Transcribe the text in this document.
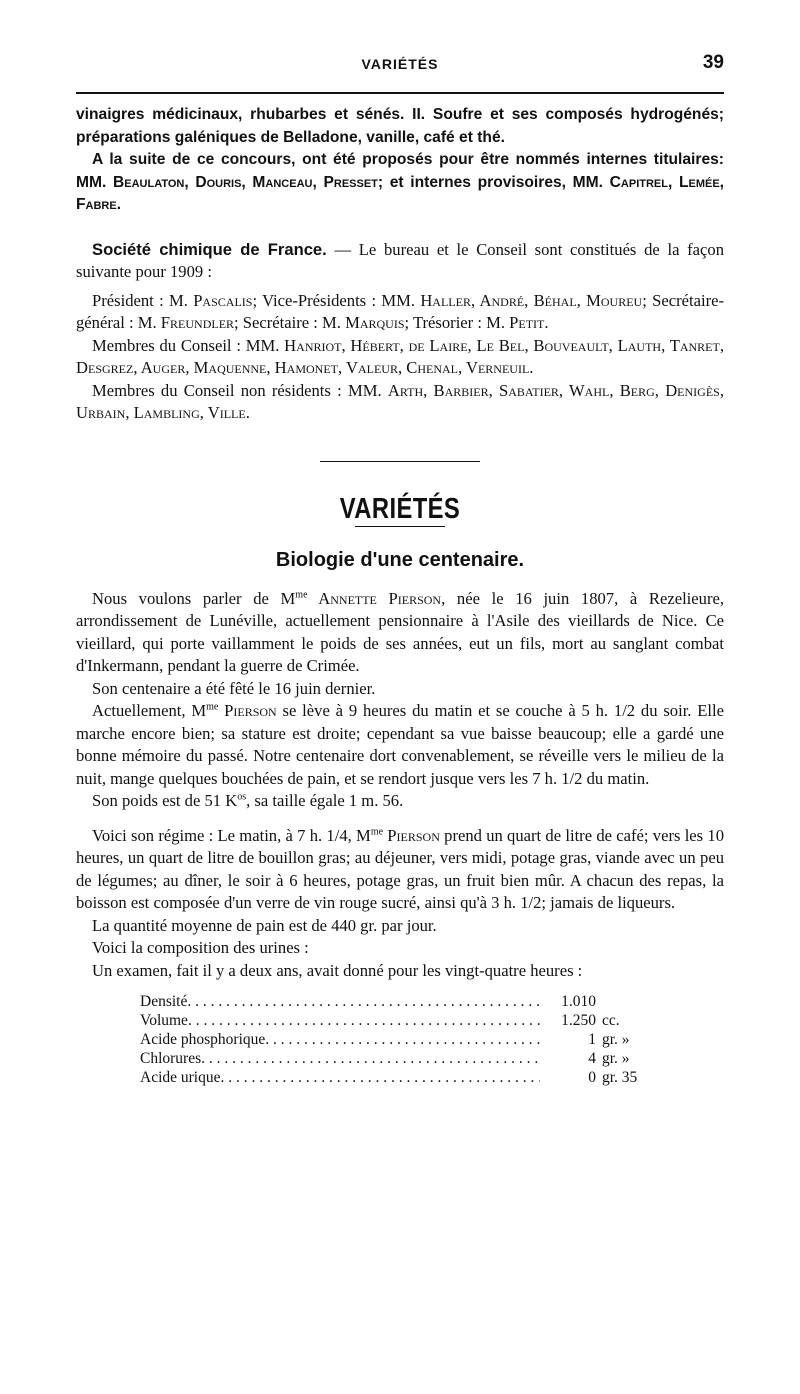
VARIÉTÉS	39

vinaigres médicinaux, rhubarbes et sénés. II. Soufre et ses composés hydrogénés; préparations galéniques de Belladone, vanille, café et thé.

A la suite de ce concours, ont été proposés pour être nommés internes titulaires: MM. Beaulaton, Douris, Manceau, Presset; et internes provisoires, MM. Capitrel, Lemée, Fabre.

Société chimique de France. — Le bureau et le Conseil sont constitués de la façon suivante pour 1909 :

Président : M. Pascalis; Vice-Présidents : MM. Haller, André, Béhal, Moureu; Secrétaire-général : M. Freundler; Secrétaire : M. Marquis; Trésorier : M. Petit.

Membres du Conseil : MM. Hanriot, Hébert, de Laire, Le Bel, Bouveault, Lauth, Tanret, Desgrez, Auger, Maquenne, Hamonet, Valeur, Chenal, Verneuil.

Membres du Conseil non résidents : MM. Arth, Barbier, Sabatier, Wahl, Berg, Denigès, Urbain, Lambling, Ville.

VARIÉTÉS
Biologie d'une centenaire.

Nous voulons parler de $M^{me}$ Annette Pierson, née le 16 juin 1807, à Rezelieure, arrondissement de Lunéville, actuellement pensionnaire à l'Asile des vieillards de Nice. Ce vieillard, qui porte vaillamment le poids de ses années, eut un fils, mort au sanglant combat d'Inkermann, pendant la guerre de Crimée.

Son centenaire a été fêté le 16 juin dernier.

Actuellement, $M^{me}$ Pierson se lève à 9 heures du matin et se couche à 5 h. 1/2 du soir. Elle marche encore bien; sa stature est droite; cependant sa vue baisse beaucoup; elle a gardé une bonne mémoire du passé. Notre centenaire dort convenablement, se réveille vers le milieu de la nuit, mange quelques bouchées de pain, et se rendort jusque vers les 7 h. 1/2 du matin.

Son poids est de 51 $K^{os}$, sa taille égale 1 m. 56.

Voici son régime : Le matin, à 7 h. 1/4, $M^{me}$ Pierson prend un quart de litre de café; vers les 10 heures, un quart de litre de bouillon gras; au déjeuner, vers midi, potage gras, viande avec un peu de légumes; au dîner, le soir à 6 heures, potage gras, un fruit bien mûr. A chacun des repas, la boisson est composée d'un verre de vin rouge sucré, ainsi qu'à 3 h. 1/2; jamais de liqueurs.

La quantité moyenne de pain est de 440 gr. par jour.

Voici la composition des urines :

Un examen, fait il y a deux ans, avait donné pour les vingt-quatre heures :

Densité . . .	1.010
Volume . . .	1.250 cc.
Acide phosphorique . . .	1 gr. »
Chlorures . . .	4 gr. »
Acide urique . . .	0 gr. 35
